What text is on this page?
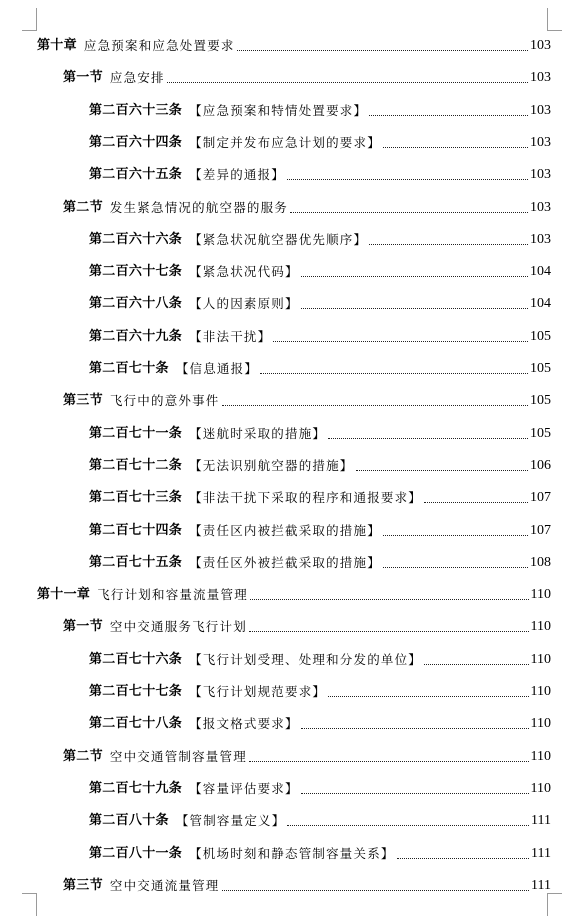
第十章 应急预案和应急处置要求	103
第一节 应急安排	103
第二百六十三条 【应急预案和特情处置要求】	103
第二百六十四条 【制定并发布应急计划的要求】	103
第二百六十五条 【差异的通报】	103
第二节 发生紧急情况的航空器的服务	103
第二百六十六条 【紧急状况航空器优先顺序】	103
第二百六十七条 【紧急状况代码】	104
第二百六十八条 【人的因素原则】	104
第二百六十九条 【非法干扰】	105
第二百七十条 【信息通报】	105
第三节 飞行中的意外事件	105
第二百七十一条 【迷航时采取的措施】	105
第二百七十二条 【无法识别航空器的措施】	106
第二百七十三条 【非法干扰下采取的程序和通报要求】	107
第二百七十四条 【责任区内被拦截采取的措施】	107
第二百七十五条 【责任区外被拦截采取的措施】	108
第十一章 飞行计划和容量流量管理	110
第一节 空中交通服务飞行计划	110
第二百七十六条 【飞行计划受理、处理和分发的单位】	110
第二百七十七条 【飞行计划规范要求】	110
第二百七十八条 【报文格式要求】	110
第二节 空中交通管制容量管理	110
第二百七十九条 【容量评估要求】	110
第二百八十条 【管制容量定义】	111
第二百八十一条 【机场时刻和静态管制容量关系】	111
第三节 空中交通流量管理	111
